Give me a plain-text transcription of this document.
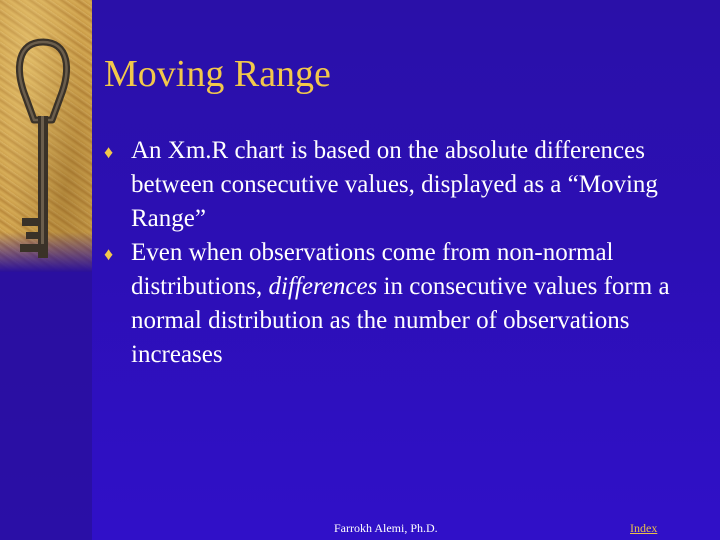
Moving Range
♦ An Xm.R chart is based on the absolute differences between consecutive values, displayed as a “Moving Range”
♦ Even when observations come from non-normal distributions, differences in consecutive values form a normal distribution as the number of observations increases
Farrokh Alemi, Ph.D.	Index
